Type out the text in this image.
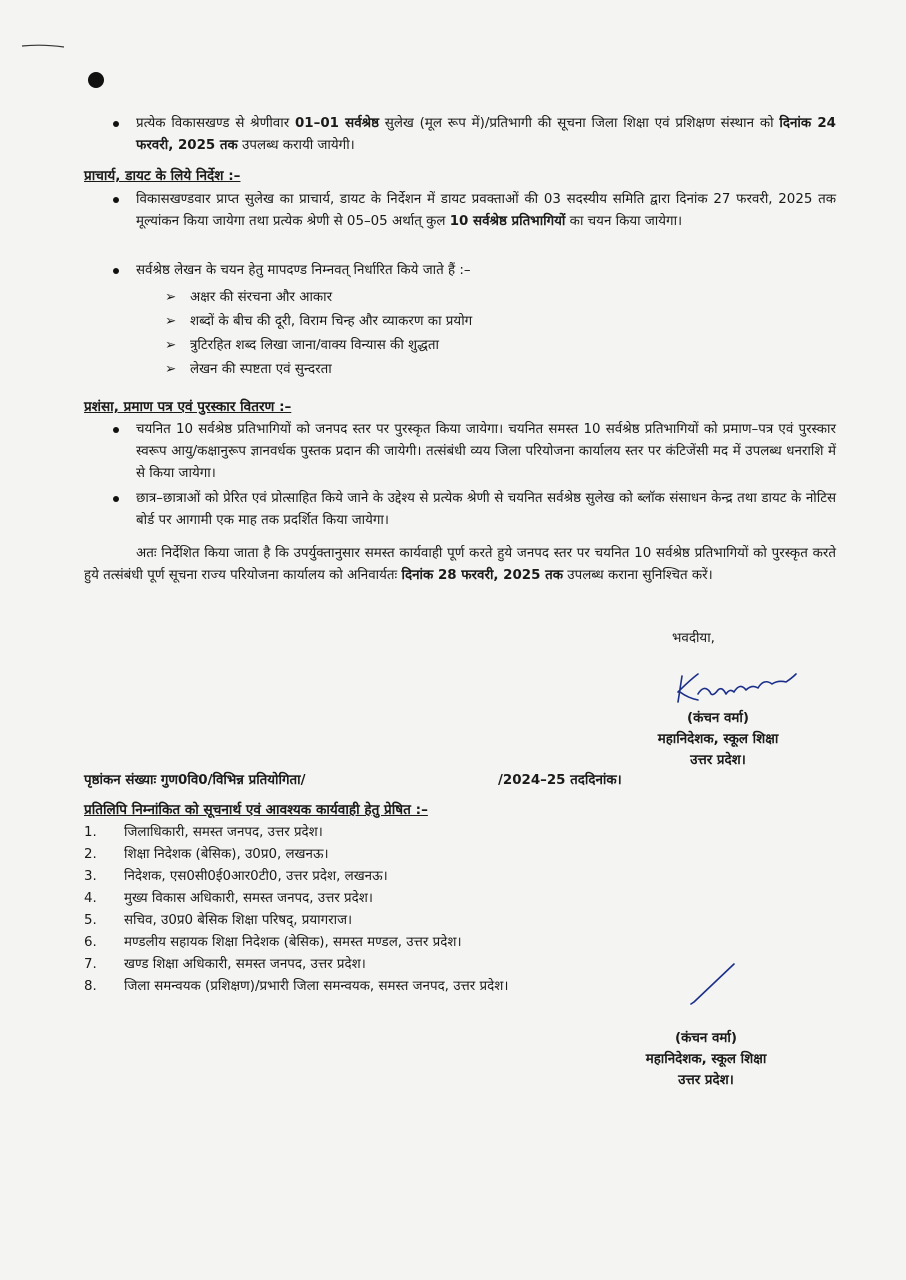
प्रत्येक विकासखण्ड से श्रेणीवार 01–01 सर्वश्रेष्ठ सुलेख (मूल रूप में)/प्रतिभागी की सूचना जिला शिक्षा एवं प्रशिक्षण संस्थान को दिनांक 24 फरवरी, 2025 तक उपलब्ध करायी जायेगी।
प्राचार्य, डायट के लिये निर्देश :–
विकासखण्डवार प्राप्त सुलेख का प्राचार्य, डायट के निर्देशन में डायट प्रवक्ताओं की 03 सदस्यीय समिति द्वारा दिनांक 27 फरवरी, 2025 तक मूल्यांकन किया जायेगा तथा प्रत्येक श्रेणी से 05–05 अर्थात् कुल 10 सर्वश्रेष्ठ प्रतिभागियों का चयन किया जायेगा।
सर्वश्रेष्ठ लेखन के चयन हेतु मापदण्ड निम्नवत् निर्धारित किये जाते हैं :–
➢ अक्षर की संरचना और आकार
➢ शब्दों के बीच की दूरी, विराम चिन्ह और व्याकरण का प्रयोग
➢ त्रुटिरहित शब्द लिखा जाना/वाक्य विन्यास की शुद्धता
➢ लेखन की स्पष्टता एवं सुन्दरता
प्रशंसा, प्रमाण पत्र एवं पुरस्कार वितरण :–
चयनित 10 सर्वश्रेष्ठ प्रतिभागियों को जनपद स्तर पर पुरस्कृत किया जायेगा। चयनित समस्त 10 सर्वश्रेष्ठ प्रतिभागियों को प्रमाण–पत्र एवं पुरस्कार स्वरूप आयु/कक्षानुरूप ज्ञानवर्धक पुस्तक प्रदान की जायेगी। तत्संबंधी व्यय जिला परियोजना कार्यालय स्तर पर कंटिजेंसी मद में उपलब्ध धनराशि में से किया जायेगा।
छात्र–छात्राओं को प्रेरित एवं प्रोत्साहित किये जाने के उद्देश्य से प्रत्येक श्रेणी से चयनित सर्वश्रेष्ठ सुलेख को ब्लॉक संसाधन केन्द्र तथा डायट के नोटिस बोर्ड पर आगामी एक माह तक प्रदर्शित किया जायेगा।
अतः निर्देशित किया जाता है कि उपर्युक्तानुसार समस्त कार्यवाही पूर्ण करते हुये जनपद स्तर पर चयनित 10 सर्वश्रेष्ठ प्रतिभागियों को पुरस्कृत करते हुये तत्संबंधी पूर्ण सूचना राज्य परियोजना कार्यालय को अनिवार्यतः दिनांक 28 फरवरी, 2025 तक उपलब्ध कराना सुनिश्चित करें।
भवदीया,
(कंचन वर्मा)
महानिदेशक, स्कूल शिक्षा
उत्तर प्रदेश।
पृष्ठांकन संख्याः गुण0वि0/विभिन्न प्रतियोगिता/	/2024–25 तददिनांक।
प्रतिलिपि निम्नांकित को सूचनार्थ एवं आवश्यक कार्यवाही हेतु प्रेषित :–
1. जिलाधिकारी, समस्त जनपद, उत्तर प्रदेश।
2. शिक्षा निदेशक (बेसिक), उ0प्र0, लखनऊ।
3. निदेशक, एस0सी0ई0आर0टी0, उत्तर प्रदेश, लखनऊ।
4. मुख्य विकास अधिकारी, समस्त जनपद, उत्तर प्रदेश।
5. सचिव, उ0प्र0 बेसिक शिक्षा परिषद्, प्रयागराज।
6. मण्डलीय सहायक शिक्षा निदेशक (बेसिक), समस्त मण्डल, उत्तर प्रदेश।
7. खण्ड शिक्षा अधिकारी, समस्त जनपद, उत्तर प्रदेश।
8. जिला समन्वयक (प्रशिक्षण)/प्रभारी जिला समन्वयक, समस्त जनपद, उत्तर प्रदेश।
(कंचन वर्मा)
महानिदेशक, स्कूल शिक्षा
उत्तर प्रदेश।
